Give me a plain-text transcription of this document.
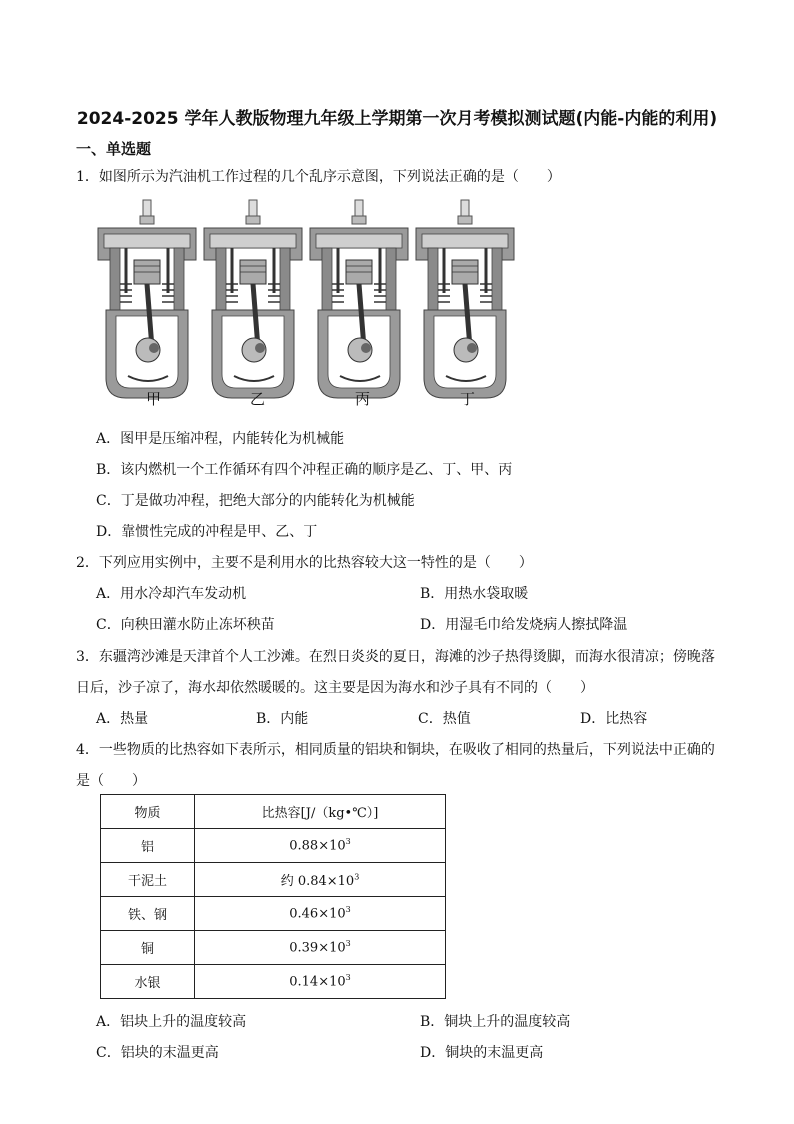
2024-2025 学年人教版物理九年级上学期第一次月考模拟测试题(内能-内能的利用)
一、单选题
1．如图所示为汽油机工作过程的几个乱序示意图，下列说法正确的是（　　）
甲	乙	丙	丁
A．图甲是压缩冲程，内能转化为机械能
B．该内燃机一个工作循环有四个冲程正确的顺序是乙、丁、甲、丙
C．丁是做功冲程，把绝大部分的内能转化为机械能
D．靠惯性完成的冲程是甲、乙、丁
2．下列应用实例中，主要不是利用水的比热容较大这一特性的是（　　）
A．用水冷却汽车发动机	B．用热水袋取暖
C．向秧田灌水防止冻坏秧苗	D．用湿毛巾给发烧病人擦拭降温
3．东疆湾沙滩是天津首个人工沙滩。在烈日炎炎的夏日，海滩的沙子热得烫脚，而海水很清凉；傍晚落
日后，沙子凉了，海水却依然暖暖的。这主要是因为海水和沙子具有不同的（　　）
A．热量	B．内能	C．热值	D．比热容
4．一些物质的比热容如下表所示，相同质量的铝块和铜块，在吸收了相同的热量后，下列说法中正确的
是（　　）
物质	比热容[J/（kg•℃）]
铝	$0.88\times 10^3$
干泥土	约 $0.84\times 10^3$
铁、钢	$0.46\times 10^3$
铜	$0.39\times 10^3$
水银	$0.14\times 10^3$
A．铝块上升的温度较高	B．铜块上升的温度较高
C．铝块的末温更高	D．铜块的末温更高
